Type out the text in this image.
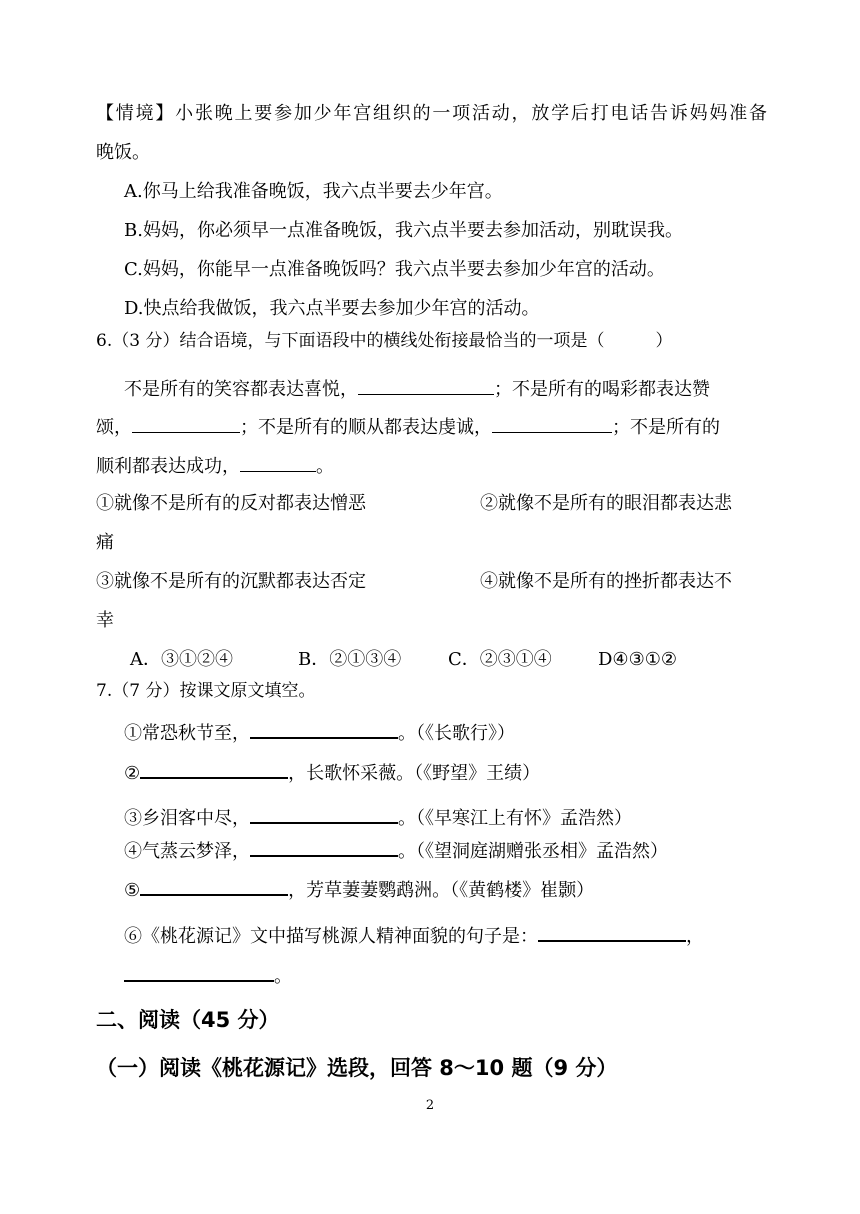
【情境】小张晚上要参加少年宫组织的一项活动，放学后打电话告诉妈妈准备
晚饭。
A.你马上给我准备晚饭，我六点半要去少年宫。
B.妈妈，你必须早一点准备晚饭，我六点半要去参加活动，别耽误我。
C.妈妈，你能早一点准备晚饭吗？我六点半要去参加少年宫的活动。
D.快点给我做饭，我六点半要去参加少年宫的活动。
6.（3 分）结合语境，与下面语段中的横线处衔接最恰当的一项是（　　　）
不是所有的笑容都表达喜悦，	；不是所有的喝彩都表达赞
颂，	；不是所有的顺从都表达虔诚，	；不是所有的
顺利都表达成功，	。
①就像不是所有的反对都表达憎恶	②就像不是所有的眼泪都表达悲
痛
③就像不是所有的沉默都表达否定	④就像不是所有的挫折都表达不
幸
A．③①②④	B．②①③④	C．②③①④	D④③①②
7.（7 分）按课文原文填空。
①常恐秋节至，	。（《长歌行》）
②	，长歌怀采薇。（《野望》王绩）
③乡泪客中尽，	。（《早寒江上有怀》孟浩然）
④气蒸云梦泽，	。（《望洞庭湖赠张丞相》孟浩然）
⑤	，芳草萋萋鹦鹉洲。（《黄鹤楼》崔颢）
⑥《桃花源记》文中描写桃源人精神面貌的句子是：	，
。
二、阅读（45 分）
（一）阅读《桃花源记》选段，回答 8～10 题（9 分）
2
